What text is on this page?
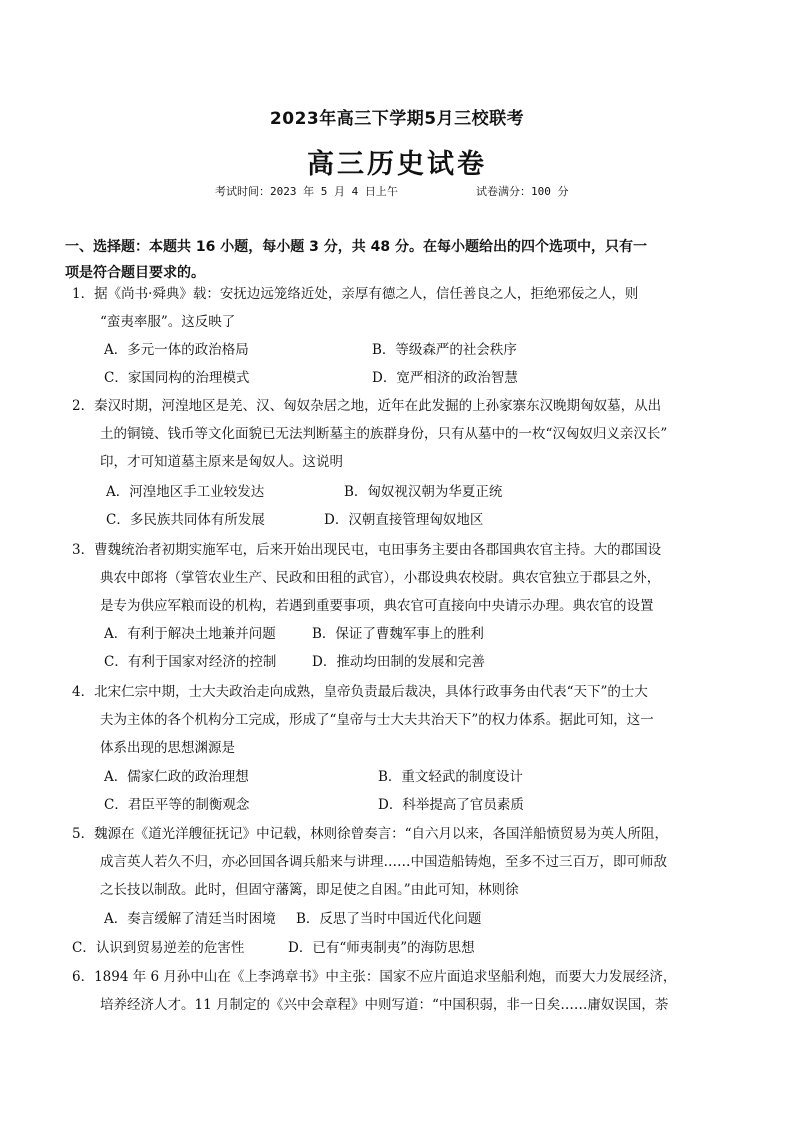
2023年高三下学期5月三校联考
高三历史试卷
考试时间：2023 年 5 月 4 日上午	试卷满分：100 分
一、选择题：本题共 16 小题，每小题 3 分，共 48 分。在每小题给出的四个选项中，只有一
项是符合题目要求的。
1．据《尚书·舜典》载：安抚边远笼络近处，亲厚有德之人，信任善良之人，拒绝邪佞之人，则
“蛮夷率服”。这反映了
A．多元一体的政治格局	B．等级森严的社会秩序
C．家国同构的治理模式	D．宽严相济的政治智慧
2．秦汉时期，河湟地区是羌、汉、匈奴杂居之地，近年在此发掘的上孙家寨东汉晚期匈奴墓，从出
土的铜镜、钱币等文化面貌已无法判断墓主的族群身份，只有从墓中的一枚“汉匈奴归义亲汉长”
印，才可知道墓主原来是匈奴人。这说明
A．河湟地区手工业较发达	B．匈奴视汉朝为华夏正统
C．多民族共同体有所发展	D．汉朝直接管理匈奴地区
3．曹魏统治者初期实施军屯，后来开始出现民屯，屯田事务主要由各郡国典农官主持。大的郡国设
典农中郎将（掌管农业生产、民政和田租的武官），小郡设典农校尉。典农官独立于郡县之外，
是专为供应军粮而设的机构，若遇到重要事项，典农官可直接向中央请示办理。典农官的设置
A．有利于解决土地兼并问题	B．保证了曹魏军事上的胜利
C．有利于国家对经济的控制	D．推动均田制的发展和完善
4．北宋仁宗中期，士大夫政治走向成熟，皇帝负责最后裁决，具体行政事务由代表“天下”的士大
夫为主体的各个机构分工完成，形成了“皇帝与士大夫共治天下”的权力体系。据此可知，这一
体系出现的思想渊源是
A．儒家仁政的政治理想	B．重文轻武的制度设计
C．君臣平等的制衡观念	D．科举提高了官员素质
5．魏源在《道光洋艘征抚记》中记载，林则徐曾奏言：“自六月以来，各国洋船愤贸易为英人所阻，
成言英人若久不归，亦必回国各调兵船来与讲理……中国造船铸炮，至多不过三百万，即可师敌
之长技以制敌。此时，但固守藩篱，即足使之自困。”由此可知，林则徐
A．奏言缓解了清廷当时困境 B．反思了当时中国近代化问题
C．认识到贸易逆差的危害性	D．已有“师夷制夷”的海防思想
6．1894 年 6 月孙中山在《上李鸿章书》中主张：国家不应片面追求坚船利炮，而要大力发展经济，
培养经济人才。11 月制定的《兴中会章程》中则写道：“中国积弱，非一日矣……庸奴误国，荼
